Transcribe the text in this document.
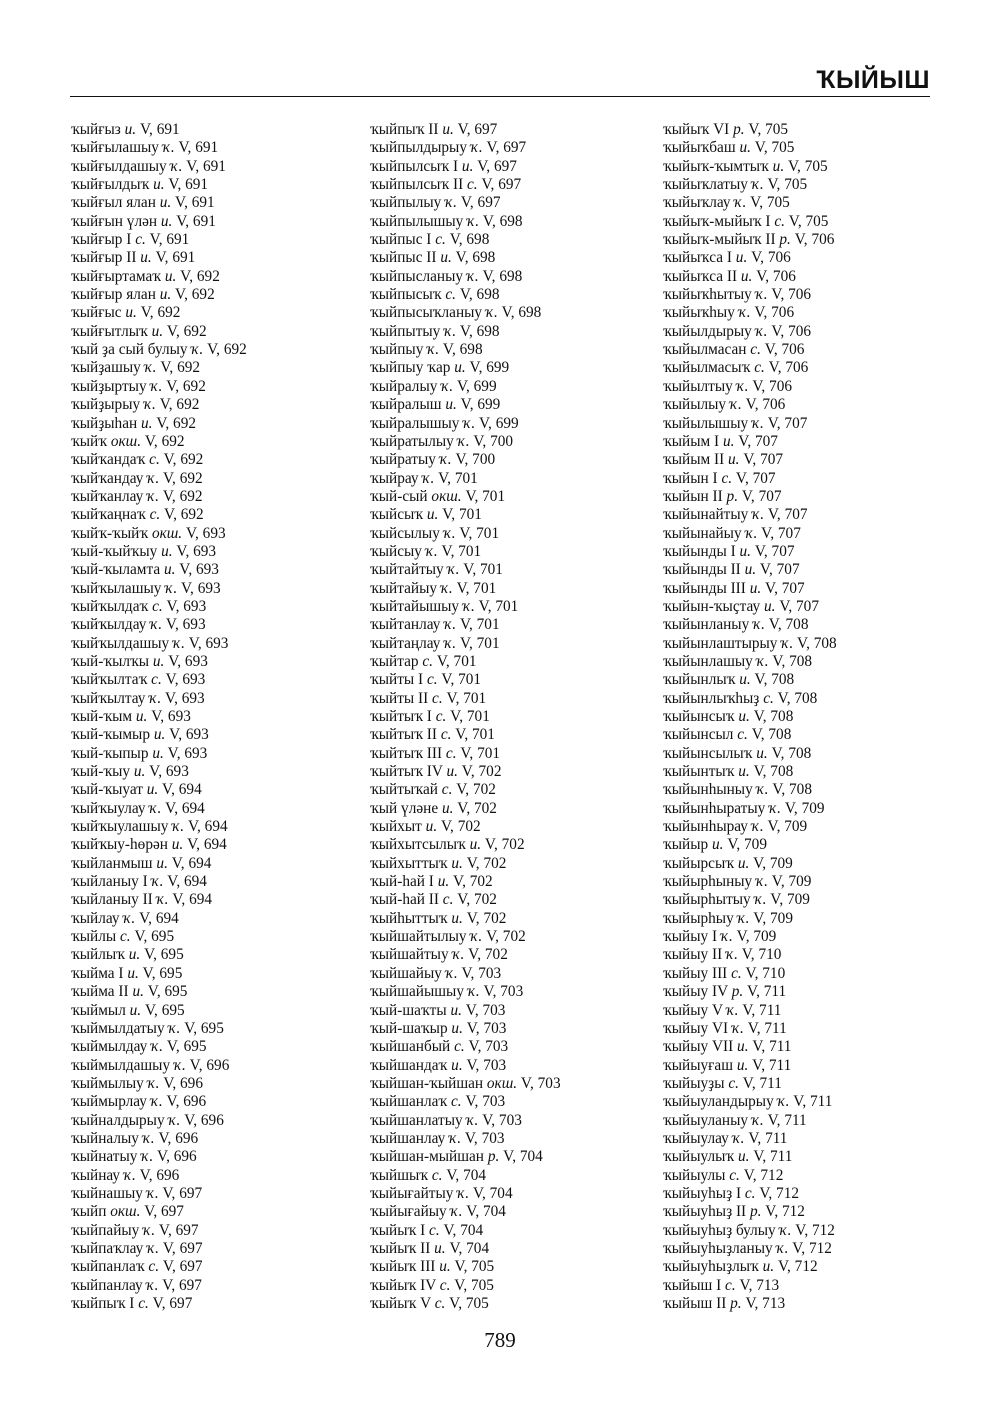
ҠЫЙЫШ
ҡыйғыз и. V, 691
ҡыйғылашыу ҡ. V, 691
ҡыйғылдашыу ҡ. V, 691
ҡыйғылдыҡ и. V, 691
ҡыйғыл ялан и. V, 691
ҡыйғын үлән и. V, 691
ҡыйғыр I с. V, 691
ҡыйғыр II и. V, 691
ҡыйғыртамаҡ и. V, 692
ҡыйғыр ялан и. V, 692
ҡыйғыс и. V, 692
ҡыйғытлыҡ и. V, 692
ҡый ҙа сый булыу ҡ. V, 692
ҡыйҙашыу ҡ. V, 692
ҡыйҙыртыу ҡ. V, 692
ҡыйҙырыу ҡ. V, 692
ҡыйҙыһан и. V, 692
ҡыйҡ окш. V, 692
ҡыйҡандаҡ с. V, 692
ҡыйҡандау ҡ. V, 692
ҡыйҡанлау ҡ. V, 692
ҡыйҡаңнаҡ с. V, 692
ҡыйҡ-ҡыйҡ окш. V, 693
ҡый-ҡыйҡыу и. V, 693
ҡый-ҡыламта и. V, 693
ҡыйҡылашыу ҡ. V, 693
ҡыйҡылдаҡ с. V, 693
ҡыйҡылдау ҡ. V, 693
ҡыйҡылдашыу ҡ. V, 693
ҡый-ҡылҡы и. V, 693
ҡыйҡылтаҡ с. V, 693
ҡыйҡылтау ҡ. V, 693
ҡый-ҡым и. V, 693
ҡый-ҡымыр и. V, 693
ҡый-ҡыпыр и. V, 693
ҡый-ҡыу и. V, 693
ҡый-ҡыуат и. V, 694
ҡыйҡыулау ҡ. V, 694
ҡыйҡыулашыу ҡ. V, 694
ҡыйҡыу-һөрән и. V, 694
ҡыйланмыш и. V, 694
ҡыйланыу I ҡ. V, 694
ҡыйланыу II ҡ. V, 694
ҡыйлау ҡ. V, 694
ҡыйлы с. V, 695
ҡыйлыҡ и. V, 695
ҡыйма I и. V, 695
ҡыйма II и. V, 695
ҡыймыл и. V, 695
ҡыймылдатыу ҡ. V, 695
ҡыймылдау ҡ. V, 695
ҡыймылдашыу ҡ. V, 696
ҡыймылыу ҡ. V, 696
ҡыймырлау ҡ. V, 696
ҡыйналдырыу ҡ. V, 696
ҡыйналыу ҡ. V, 696
ҡыйнатыу ҡ. V, 696
ҡыйнау ҡ. V, 696
ҡыйнашыу ҡ. V, 697
ҡыйп окш. V, 697
ҡыйпайыу ҡ. V, 697
ҡыйпаҡлау ҡ. V, 697
ҡыйпанлаҡ с. V, 697
ҡыйпанлау ҡ. V, 697
ҡыйпыҡ I с. V, 697
ҡыйпыҡ II и. V, 697
ҡыйпылдырыу ҡ. V, 697
ҡыйпылсыҡ I и. V, 697
ҡыйпылсыҡ II с. V, 697
ҡыйпылыу ҡ. V, 697
ҡыйпылышыу ҡ. V, 698
ҡыйпыс I с. V, 698
ҡыйпыс II и. V, 698
ҡыйпысланыу ҡ. V, 698
ҡыйпысыҡ с. V, 698
ҡыйпысыҡланыу ҡ. V, 698
ҡыйпытыу ҡ. V, 698
ҡыйпыу ҡ. V, 698
ҡыйпыу ҡар и. V, 699
ҡыйралыу ҡ. V, 699
ҡыйралыш и. V, 699
ҡыйралышыу ҡ. V, 699
ҡыйратылыу ҡ. V, 700
ҡыйратыу ҡ. V, 700
ҡыйрау ҡ. V, 701
ҡый-сый окш. V, 701
ҡыйсыҡ и. V, 701
ҡыйсылыу ҡ. V, 701
ҡыйсыу ҡ. V, 701
ҡыйтайтыу ҡ. V, 701
ҡыйтайыу ҡ. V, 701
ҡыйтайышыу ҡ. V, 701
ҡыйтанлау ҡ. V, 701
ҡыйтаңлау ҡ. V, 701
ҡыйтар с. V, 701
ҡыйты I с. V, 701
ҡыйты II с. V, 701
ҡыйтыҡ I с. V, 701
ҡыйтыҡ II с. V, 701
ҡыйтыҡ III с. V, 701
ҡыйтыҡ IV и. V, 702
ҡыйтыҡай с. V, 702
ҡый үләне и. V, 702
ҡыйхыт и. V, 702
ҡыйхытсылыҡ и. V, 702
ҡыйхыттыҡ и. V, 702
ҡый-һай I и. V, 702
ҡый-һай II с. V, 702
ҡыйһыттыҡ и. V, 702
ҡыйшайтылыу ҡ. V, 702
ҡыйшайтыу ҡ. V, 702
ҡыйшайыу ҡ. V, 703
ҡыйшайышыу ҡ. V, 703
ҡый-шаҡты и. V, 703
ҡый-шаҡыр и. V, 703
ҡыйшанбый с. V, 703
ҡыйшандаҡ и. V, 703
ҡыйшан-ҡыйшан окш. V, 703
ҡыйшанлаҡ с. V, 703
ҡыйшанлатыу ҡ. V, 703
ҡыйшанлау ҡ. V, 703
ҡыйшан-мыйшан р. V, 704
ҡыйшыҡ с. V, 704
ҡыйығайтыу ҡ. V, 704
ҡыйығайыу ҡ. V, 704
ҡыйыҡ I с. V, 704
ҡыйыҡ II и. V, 704
ҡыйыҡ III и. V, 705
ҡыйыҡ IV с. V, 705
ҡыйыҡ V с. V, 705
ҡыйыҡ VI р. V, 705
ҡыйыҡбаш и. V, 705
ҡыйыҡ-ҡымтыҡ и. V, 705
ҡыйыҡлатыу ҡ. V, 705
ҡыйыҡлау ҡ. V, 705
ҡыйыҡ-мыйыҡ I с. V, 705
ҡыйыҡ-мыйыҡ II р. V, 706
ҡыйыҡса I и. V, 706
ҡыйыҡса II и. V, 706
ҡыйыҡһытыу ҡ. V, 706
ҡыйыҡһыу ҡ. V, 706
ҡыйылдырыу ҡ. V, 706
ҡыйылмасан с. V, 706
ҡыйылмасыҡ с. V, 706
ҡыйылтыу ҡ. V, 706
ҡыйылыу ҡ. V, 706
ҡыйылышыу ҡ. V, 707
ҡыйым I и. V, 707
ҡыйым II и. V, 707
ҡыйын I с. V, 707
ҡыйын II р. V, 707
ҡыйынайтыу ҡ. V, 707
ҡыйынайыу ҡ. V, 707
ҡыйынды I и. V, 707
ҡыйынды II и. V, 707
ҡыйынды III и. V, 707
ҡыйын-ҡыҫтау и. V, 707
ҡыйынланыу ҡ. V, 708
ҡыйынлаштырыу ҡ. V, 708
ҡыйынлашыу ҡ. V, 708
ҡыйынлыҡ и. V, 708
ҡыйынлыҡһыҙ с. V, 708
ҡыйынсыҡ и. V, 708
ҡыйынсыл с. V, 708
ҡыйынсылыҡ и. V, 708
ҡыйынтыҡ и. V, 708
ҡыйынһыныу ҡ. V, 708
ҡыйынһыратыу ҡ. V, 709
ҡыйынһырау ҡ. V, 709
ҡыйыр и. V, 709
ҡыйырсыҡ и. V, 709
ҡыйырһыныу ҡ. V, 709
ҡыйырһытыу ҡ. V, 709
ҡыйырһыу ҡ. V, 709
ҡыйыу I ҡ. V, 709
ҡыйыу II ҡ. V, 710
ҡыйыу III с. V, 710
ҡыйыу IV р. V, 711
ҡыйыу V ҡ. V, 711
ҡыйыу VI ҡ. V, 711
ҡыйыу VII и. V, 711
ҡыйыуғаш и. V, 711
ҡыйыуҙы с. V, 711
ҡыйыуландырыу ҡ. V, 711
ҡыйыуланыу ҡ. V, 711
ҡыйыулау ҡ. V, 711
ҡыйыулыҡ и. V, 711
ҡыйыулы с. V, 712
ҡыйыуһыҙ I с. V, 712
ҡыйыуһыҙ II р. V, 712
ҡыйыуһыҙ булыу ҡ. V, 712
ҡыйыуһыҙланыу ҡ. V, 712
ҡыйыуһыҙлыҡ и. V, 712
ҡыйыш I с. V, 713
ҡыйыш II р. V, 713
789
